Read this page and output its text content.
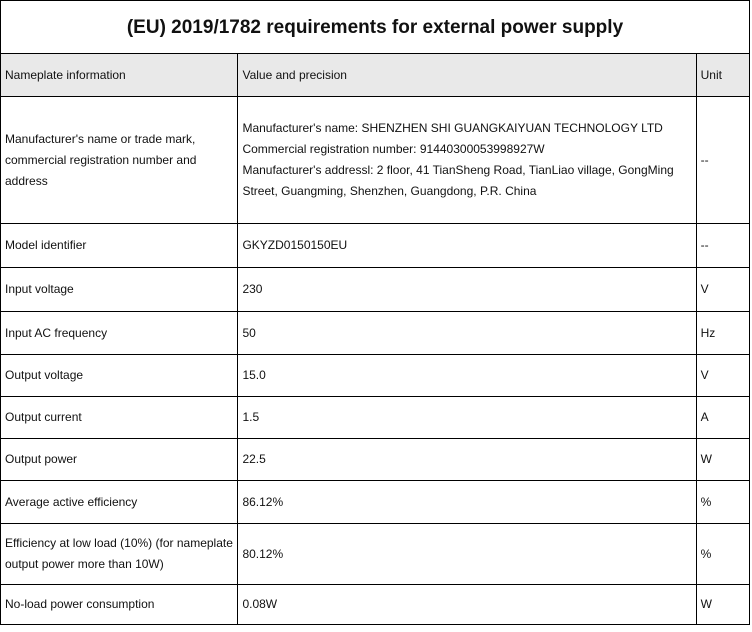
(EU) 2019/1782 requirements for external power supply		
Nameplate information	Value and precision	Unit
Manufacturer's name or trade mark, commercial registration number and address	Manufacturer's name: SHENZHEN SHI GUANGKAIYUAN TECHNOLOGY LTD
Commercial registration number: 91440300053998927W
Manufacturer's addressl: 2 floor, 41 TianSheng Road, TianLiao village, GongMing
Street, Guangming, Shenzhen, Guangdong, P.R. China	--
Model identifier	GKYZD0150150EU	--
Input voltage	230	V
Input AC frequency	50	Hz
Output voltage	15.0	V
Output current	1.5	A
Output power	22.5	W
Average active efficiency	86.12%	%
Efficiency at low load (10%) (for nameplate output power more than 10W)	80.12%	%
No-load power consumption	0.08W	W
